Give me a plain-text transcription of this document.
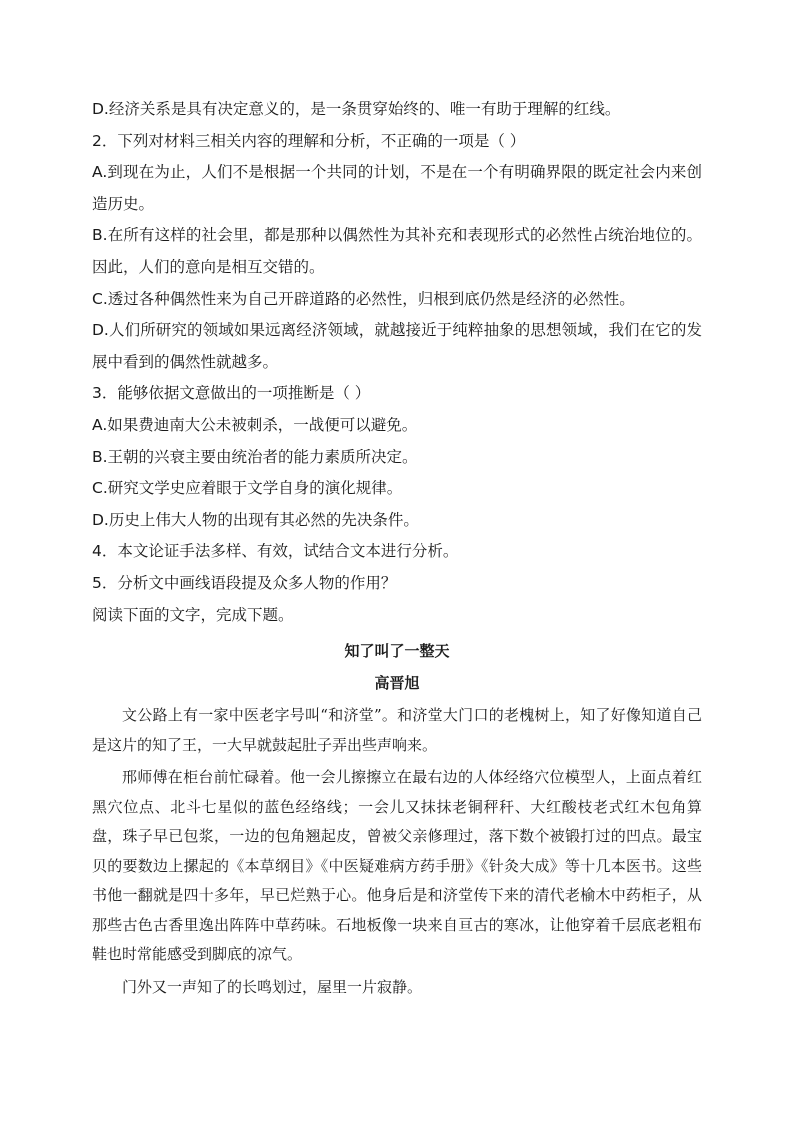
D.经济关系是具有决定意义的，是一条贯穿始终的、唯一有助于理解的红线。

2．下列对材料三相关内容的理解和分析，不正确的一项是（ ）

A.到现在为止，人们不是根据一个共同的计划，不是在一个有明确界限的既定社会内来创造历史。

B.在所有这样的社会里，都是那种以偶然性为其补充和表现形式的必然性占统治地位的。因此，人们的意向是相互交错的。

C.透过各种偶然性来为自己开辟道路的必然性，归根到底仍然是经济的必然性。

D.人们所研究的领域如果远离经济领域，就越接近于纯粹抽象的思想领域，我们在它的发展中看到的偶然性就越多。

3．能够依据文意做出的一项推断是（ ）

A.如果费迪南大公未被刺杀，一战便可以避免。

B.王朝的兴衰主要由统治者的能力素质所决定。

C.研究文学史应着眼于文学自身的演化规律。

D.历史上伟大人物的出现有其必然的先决条件。

4．本文论证手法多样、有效，试结合文本进行分析。

5．分析文中画线语段提及众多人物的作用？

阅读下面的文字，完成下题。

知了叫了一整天

高晋旭

文公路上有一家中医老字号叫“和济堂”。和济堂大门口的老槐树上，知了好像知道自己是这片的知了王，一大早就鼓起肚子弄出些声响来。

邢师傅在柜台前忙碌着。他一会儿擦擦立在最右边的人体经络穴位模型人，上面点着红黑穴位点、北斗七星似的蓝色经络线；一会儿又抹抹老铜秤秆、大红酸枝老式红木包角算盘，珠子早已包浆，一边的包角翘起皮，曾被父亲修理过，落下数个被锻打过的凹点。最宝贝的要数边上摞起的《本草纲目》《中医疑难病方药手册》《针灸大成》等十几本医书。这些书他一翻就是四十多年，早已烂熟于心。他身后是和济堂传下来的清代老榆木中药柜子，从那些古色古香里逸出阵阵中草药味。石地板像一块来自亘古的寒冰，让他穿着千层底老粗布鞋也时常能感受到脚底的凉气。

门外又一声知了的长鸣划过，屋里一片寂静。
